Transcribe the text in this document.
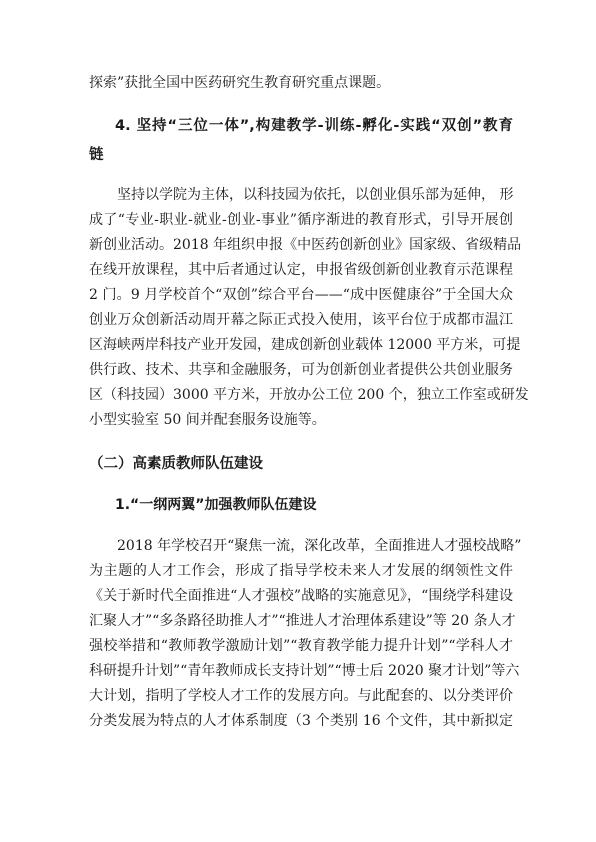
探索”获批全国中医药研究生教育研究重点课题。
4. 坚持“三位一体”,构建教学-训练-孵化-实践“双创”教育
链
坚持以学院为主体，以科技园为依托，以创业俱乐部为延伸， 形
成了“专业-职业-就业-创业-事业”循序渐进的教育形式，引导开展创
新创业活动。2018 年组织申报《中医药创新创业》国家级、省级精品
在线开放课程，其中后者通过认定，申报省级创新创业教育示范课程
2 门。9 月学校首个“双创”综合平台——“成中医健康谷”于全国大众
创业万众创新活动周开幕之际正式投入使用，该平台位于成都市温江
区海峡两岸科技产业开发园，建成创新创业载体 12000 平方米，可提
供行政、技术、共享和金融服务，可为创新创业者提供公共创业服务
区（科技园）3000 平方米，开放办公工位 200 个，独立工作室或研发
小型实验室 50 间并配套服务设施等。
（二）高素质教师队伍建设
1.“一纲两翼”加强教师队伍建设
2018 年学校召开“聚焦一流，深化改革，全面推进人才强校战略”
为主题的人才工作会，形成了指导学校未来人才发展的纲领性文件
《关于新时代全面推进“人才强校”战略的实施意见》，“围绕学科建设
汇聚人才”“多条路径助推人才”“推进人才治理体系建设”等 20 条人才
强校举措和“教师教学激励计划”“教育教学能力提升计划”“学科人才
科研提升计划”“青年教师成长支持计划”“博士后 2020 聚才计划”等六
大计划，指明了学校人才工作的发展方向。与此配套的、以分类评价
分类发展为特点的人才体系制度（3 个类别 16 个文件，其中新拟定
